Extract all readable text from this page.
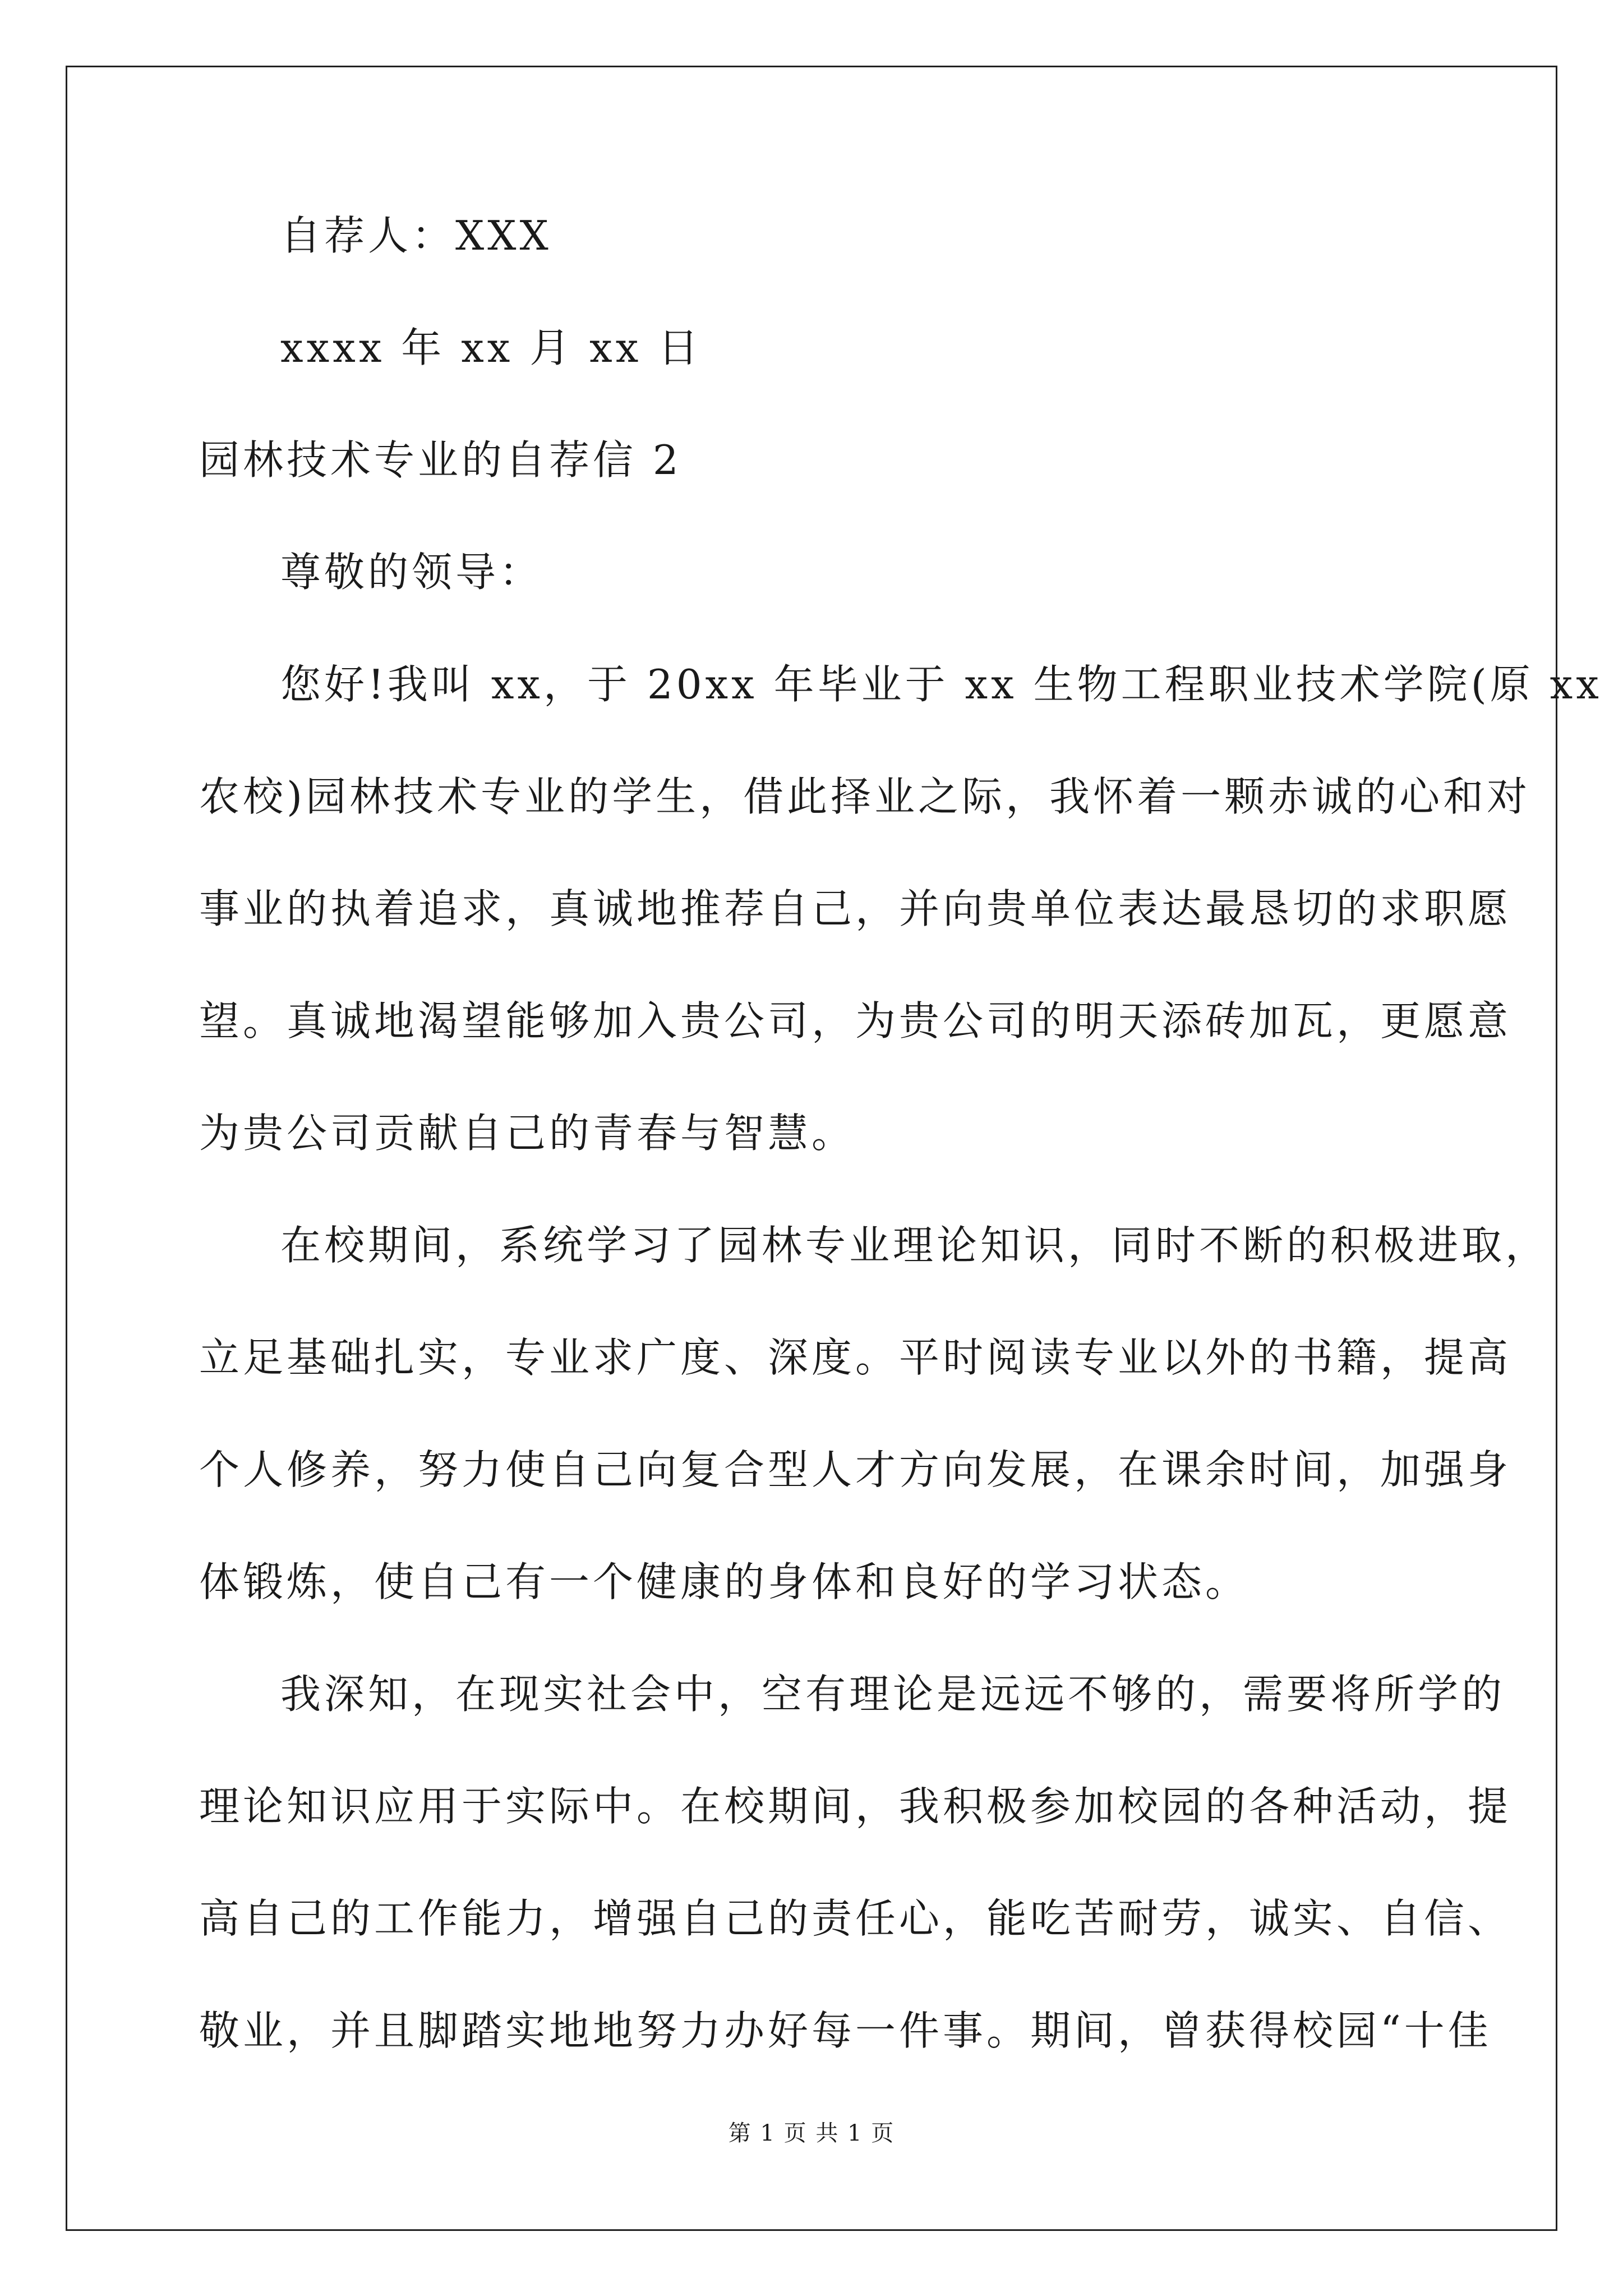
自荐人：XXX
xxxx 年 xx 月 xx 日
园林技术专业的自荐信 2
尊敬的领导：
您好!我叫 xx，于 20xx 年毕业于 xx 生物工程职业技术学院(原 xx
农校)园林技术专业的学生，借此择业之际，我怀着一颗赤诚的心和对
事业的执着追求，真诚地推荐自己，并向贵单位表达最恳切的求职愿
望。真诚地渴望能够加入贵公司，为贵公司的明天添砖加瓦，更愿意
为贵公司贡献自己的青春与智慧。
在校期间，系统学习了园林专业理论知识，同时不断的积极进取，
立足基础扎实，专业求广度、深度。平时阅读专业以外的书籍，提高
个人修养，努力使自己向复合型人才方向发展，在课余时间，加强身
体锻炼，使自己有一个健康的身体和良好的学习状态。
我深知，在现实社会中，空有理论是远远不够的，需要将所学的
理论知识应用于实际中。在校期间，我积极参加校园的各种活动，提
高自己的工作能力，增强自己的责任心，能吃苦耐劳，诚实、自信、
敬业，并且脚踏实地地努力办好每一件事。期间，曾获得校园“十佳
第 1 页 共 1 页
